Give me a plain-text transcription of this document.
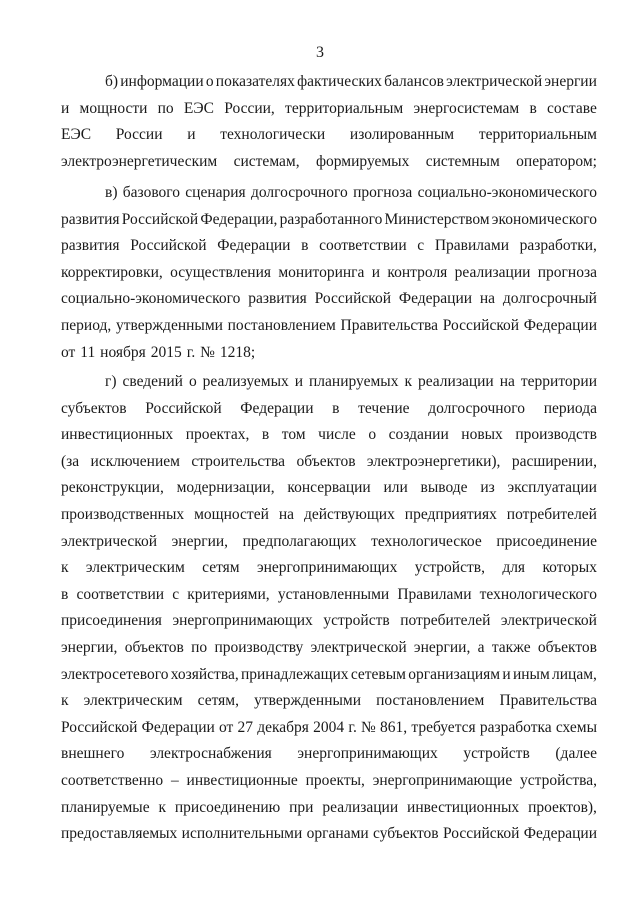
3
б) информации о показателях фактических балансов электрической энергии
и мощности по ЕЭС России, территориальным энергосистемам в составе
ЕЭС России и технологически изолированным территориальным
электроэнергетическим системам, формируемых системным оператором;
в) базового сценария долгосрочного прогноза социально-экономического
развития Российской Федерации, разработанного Министерством экономического
развития Российской Федерации в соответствии с Правилами разработки,
корректировки, осуществления мониторинга и контроля реализации прогноза
социально-экономического развития Российской Федерации на долгосрочный
период, утвержденными постановлением Правительства Российской Федерации
от 11 ноября 2015 г. № 1218;
г) сведений о реализуемых и планируемых к реализации на территории
субъектов Российской Федерации в течение долгосрочного периода
инвестиционных проектах, в том числе о создании новых производств
(за исключением строительства объектов электроэнергетики), расширении,
реконструкции, модернизации, консервации или выводе из эксплуатации
производственных мощностей на действующих предприятиях потребителей
электрической энергии, предполагающих технологическое присоединение
к электрическим сетям энергопринимающих устройств, для которых
в соответствии с критериями, установленными Правилами технологического
присоединения энергопринимающих устройств потребителей электрической
энергии, объектов по производству электрической энергии, а также объектов
электросетевого хозяйства, принадлежащих сетевым организациям и иным лицам,
к электрическим сетям, утвержденными постановлением Правительства
Российской Федерации от 27 декабря 2004 г. № 861, требуется разработка схемы
внешнего электроснабжения энергопринимающих устройств (далее
соответственно – инвестиционные проекты, энергопринимающие устройства,
планируемые к присоединению при реализации инвестиционных проектов),
предоставляемых исполнительными органами субъектов Российской Федерации
